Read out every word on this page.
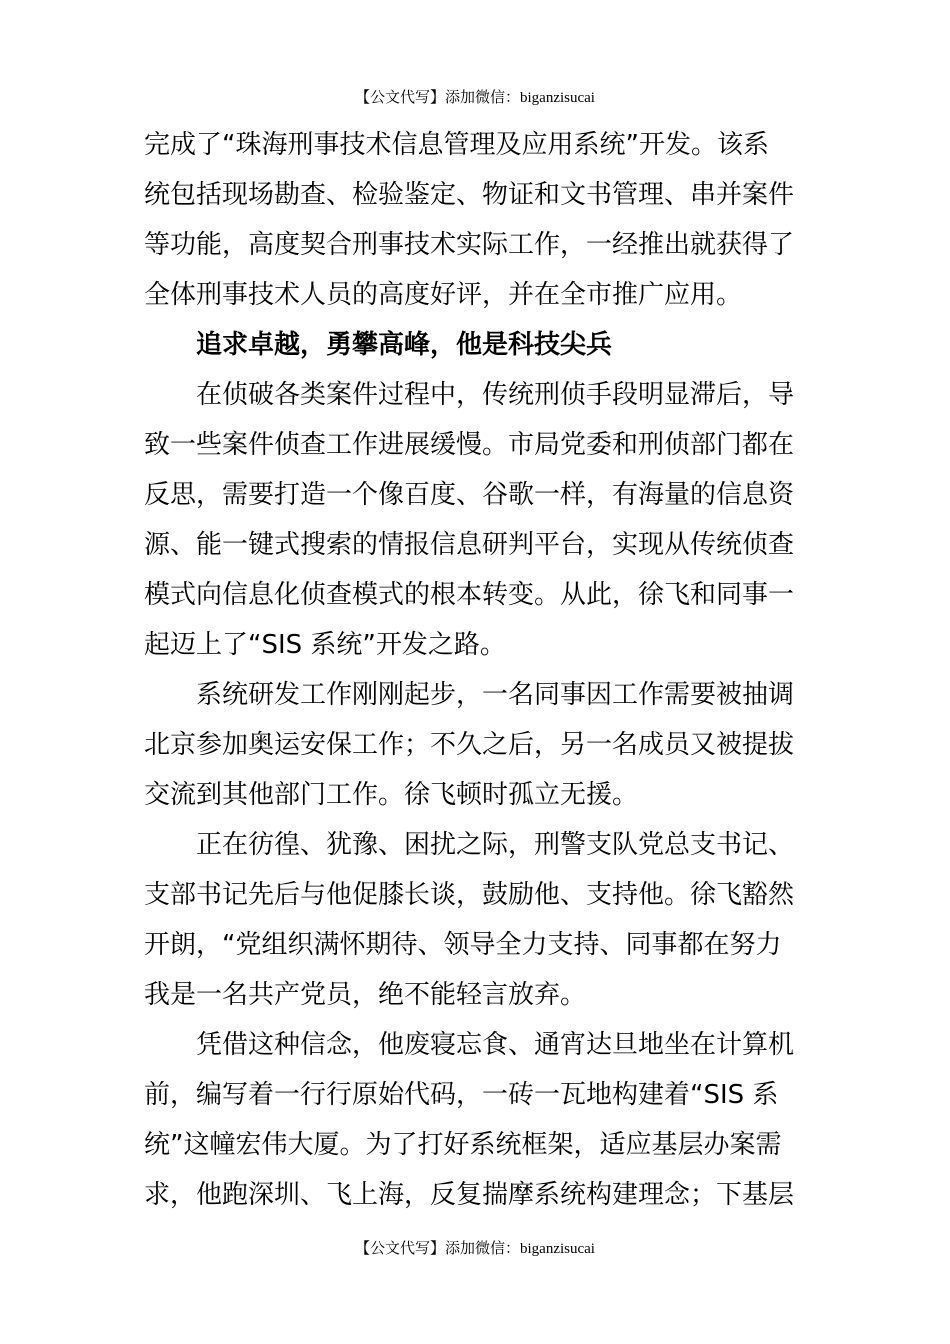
【公文代写】添加微信：biganzisucai
完成了“珠海刑事技术信息管理及应用系统”开发。该系
统包括现场勘查、检验鉴定、物证和文书管理、串并案件
等功能，高度契合刑事技术实际工作，一经推出就获得了
全体刑事技术人员的高度好评，并在全市推广应用。
追求卓越，勇攀高峰，他是科技尖兵
在侦破各类案件过程中，传统刑侦手段明显滞后，导
致一些案件侦查工作进展缓慢。市局党委和刑侦部门都在
反思，需要打造一个像百度、谷歌一样，有海量的信息资
源、能一键式搜索的情报信息研判平台，实现从传统侦查
模式向信息化侦查模式的根本转变。从此，徐飞和同事一
起迈上了“SIS 系统”开发之路。
系统研发工作刚刚起步，一名同事因工作需要被抽调
北京参加奥运安保工作；不久之后，另一名成员又被提拔
交流到其他部门工作。徐飞顿时孤立无援。
正在彷徨、犹豫、困扰之际，刑警支队党总支书记、
支部书记先后与他促膝长谈，鼓励他、支持他。徐飞豁然
开朗，“党组织满怀期待、领导全力支持、同事都在努力
我是一名共产党员，绝不能轻言放弃。
凭借这种信念，他废寝忘食、通宵达旦地坐在计算机
前，编写着一行行原始代码，一砖一瓦地构建着“SIS 系
统”这幢宏伟大厦。为了打好系统框架，适应基层办案需
求，他跑深圳、飞上海，反复揣摩系统构建理念；下基层
【公文代写】添加微信：biganzisucai
